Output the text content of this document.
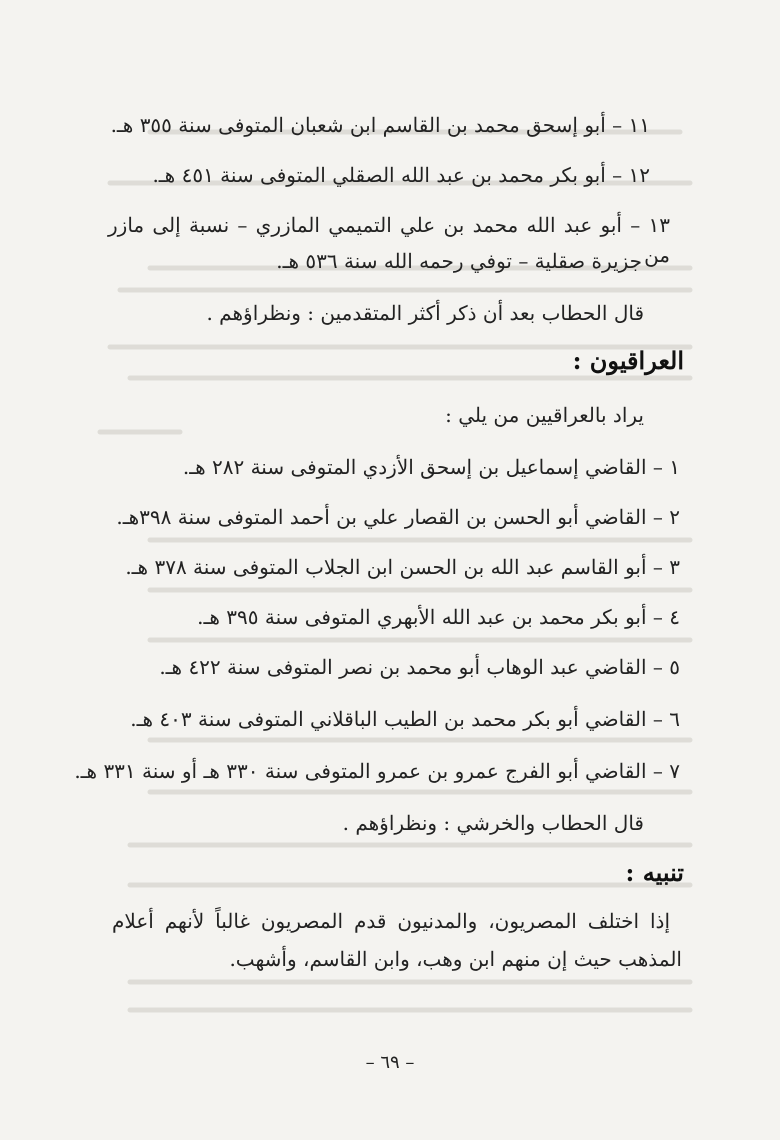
١١ – أبو إسحق محمد بن القاسم ابن شعبان المتوفى سنة ٣٥٥ هـ.
١٢ – أبو بكر محمد بن عبد الله الصقلي المتوفى سنة ٤٥١ هـ.
١٣ – أبو عبد الله محمد بن علي التميمي المازري – نسبة إلى مازر من
جزيرة صقلية – توفي رحمه الله سنة ٥٣٦ هـ.
قال الحطاب بعد أن ذكر أكثر المتقدمين : ونظراؤهم .
العراقيون :
يراد بالعراقيين من يلي :
١ – القاضي إسماعيل بن إسحق الأزدي المتوفى سنة ٢٨٢ هـ.
٢ – القاضي أبو الحسن بن القصار علي بن أحمد المتوفى سنة ٣٩٨هـ.
٣ – أبو القاسم عبد الله بن الحسن ابن الجلاب المتوفى سنة ٣٧٨ هـ.
٤ – أبو بكر محمد بن عبد الله الأبهري المتوفى سنة ٣٩٥ هـ.
٥ – القاضي عبد الوهاب أبو محمد بن نصر المتوفى سنة ٤٢٢ هـ.
٦ – القاضي أبو بكر محمد بن الطيب الباقلاني المتوفى سنة ٤٠٣ هـ.
٧ – القاضي أبو الفرج عمرو بن عمرو المتوفى سنة ٣٣٠ هـ أو سنة ٣٣١ هـ.
قال الحطاب والخرشي : ونظراؤهم .
تنبيه :
إذا اختلف المصريون، والمدنيون قدم المصريون غالباً لأنهم أعلام
المذهب حيث إن منهم ابن وهب، وابن القاسم، وأشهب.
– ٦٩ –
